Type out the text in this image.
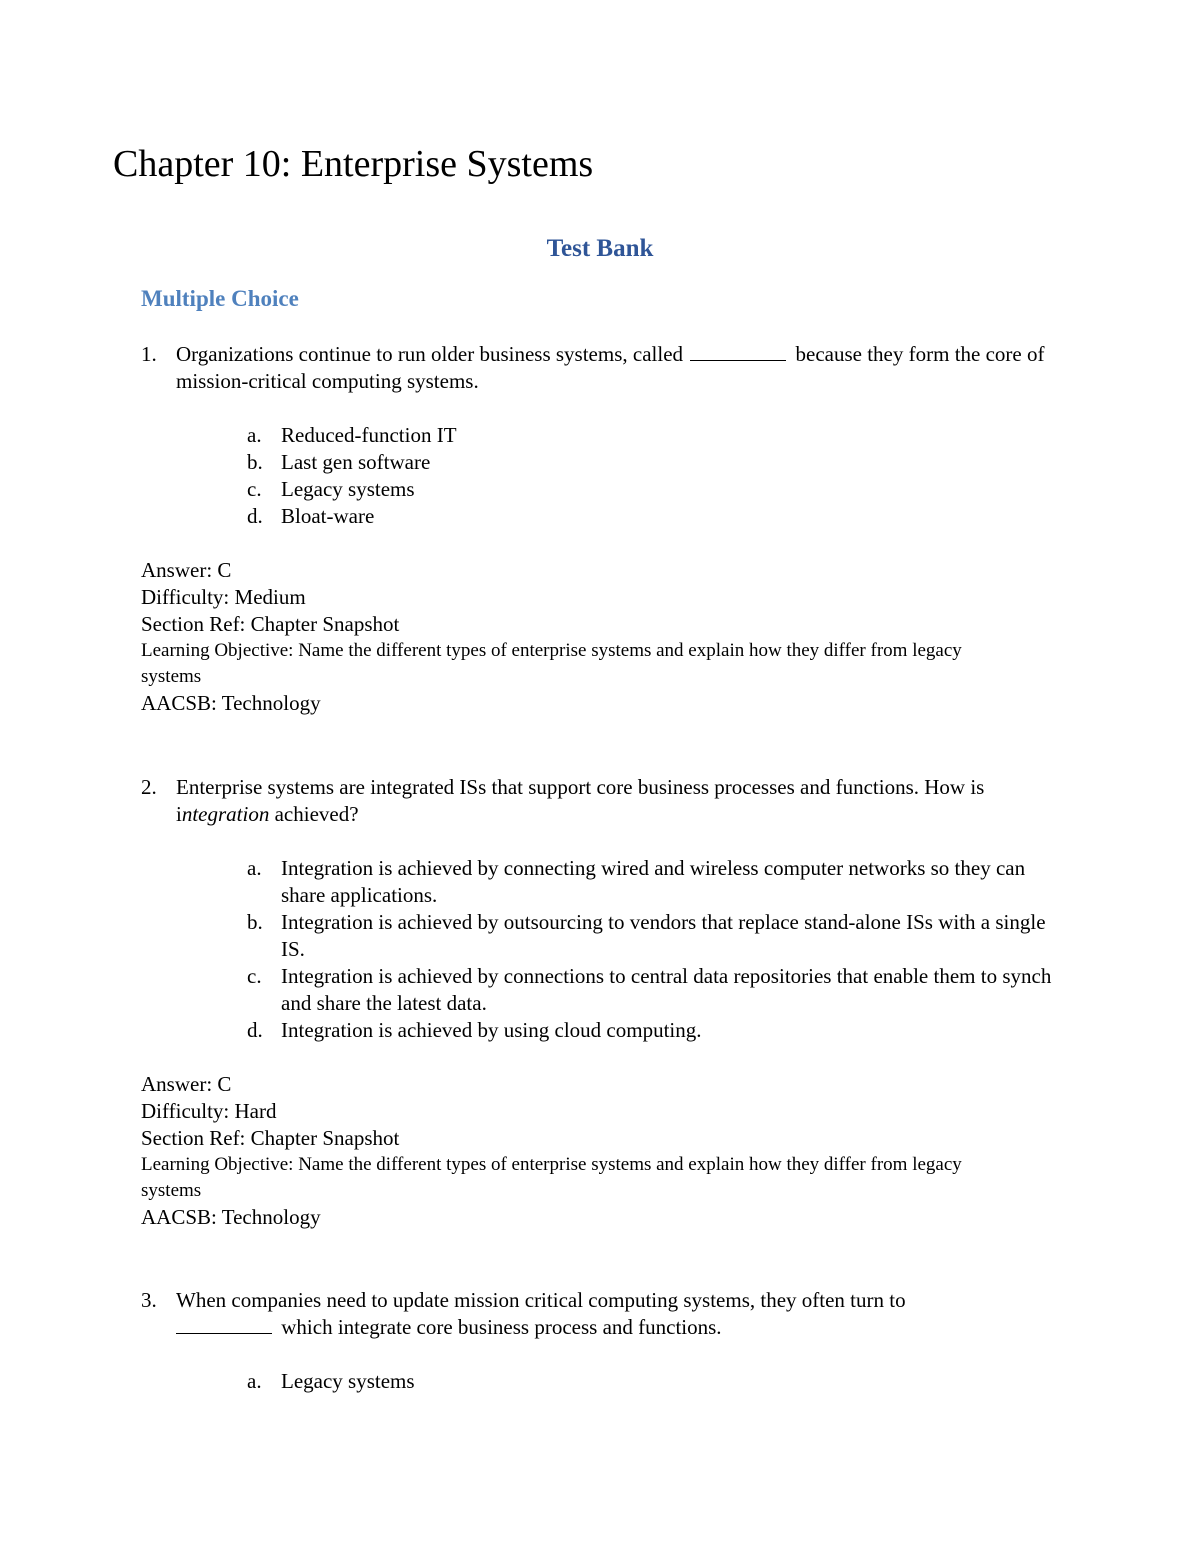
Chapter 10: Enterprise Systems
Test Bank
Multiple Choice

1. Organizations continue to run older business systems, called	because they form the core of mission-critical computing systems.

a. Reduced-function IT
b. Last gen software
c. Legacy systems
d. Bloat-ware

Answer: C

Difficulty: Medium

Section Ref: Chapter Snapshot

Learning Objective: Name the different types of enterprise systems and explain how they differ from legacy systems

AACSB: Technology

2. Enterprise systems are integrated ISs that support core business processes and functions. How is integration achieved?

a. Integration is achieved by connecting wired and wireless computer networks so they can share applications.
b. Integration is achieved by outsourcing to vendors that replace stand-alone ISs with a single IS.
c. Integration is achieved by connections to central data repositories that enable them to synch and share the latest data.
d. Integration is achieved by using cloud computing.

Answer: C

Difficulty: Hard

Section Ref: Chapter Snapshot

Learning Objective: Name the different types of enterprise systems and explain how they differ from legacy systems

AACSB: Technology

3. When companies need to update mission critical computing systems, they often turn to
which integrate core business process and functions.

a. Legacy systems
